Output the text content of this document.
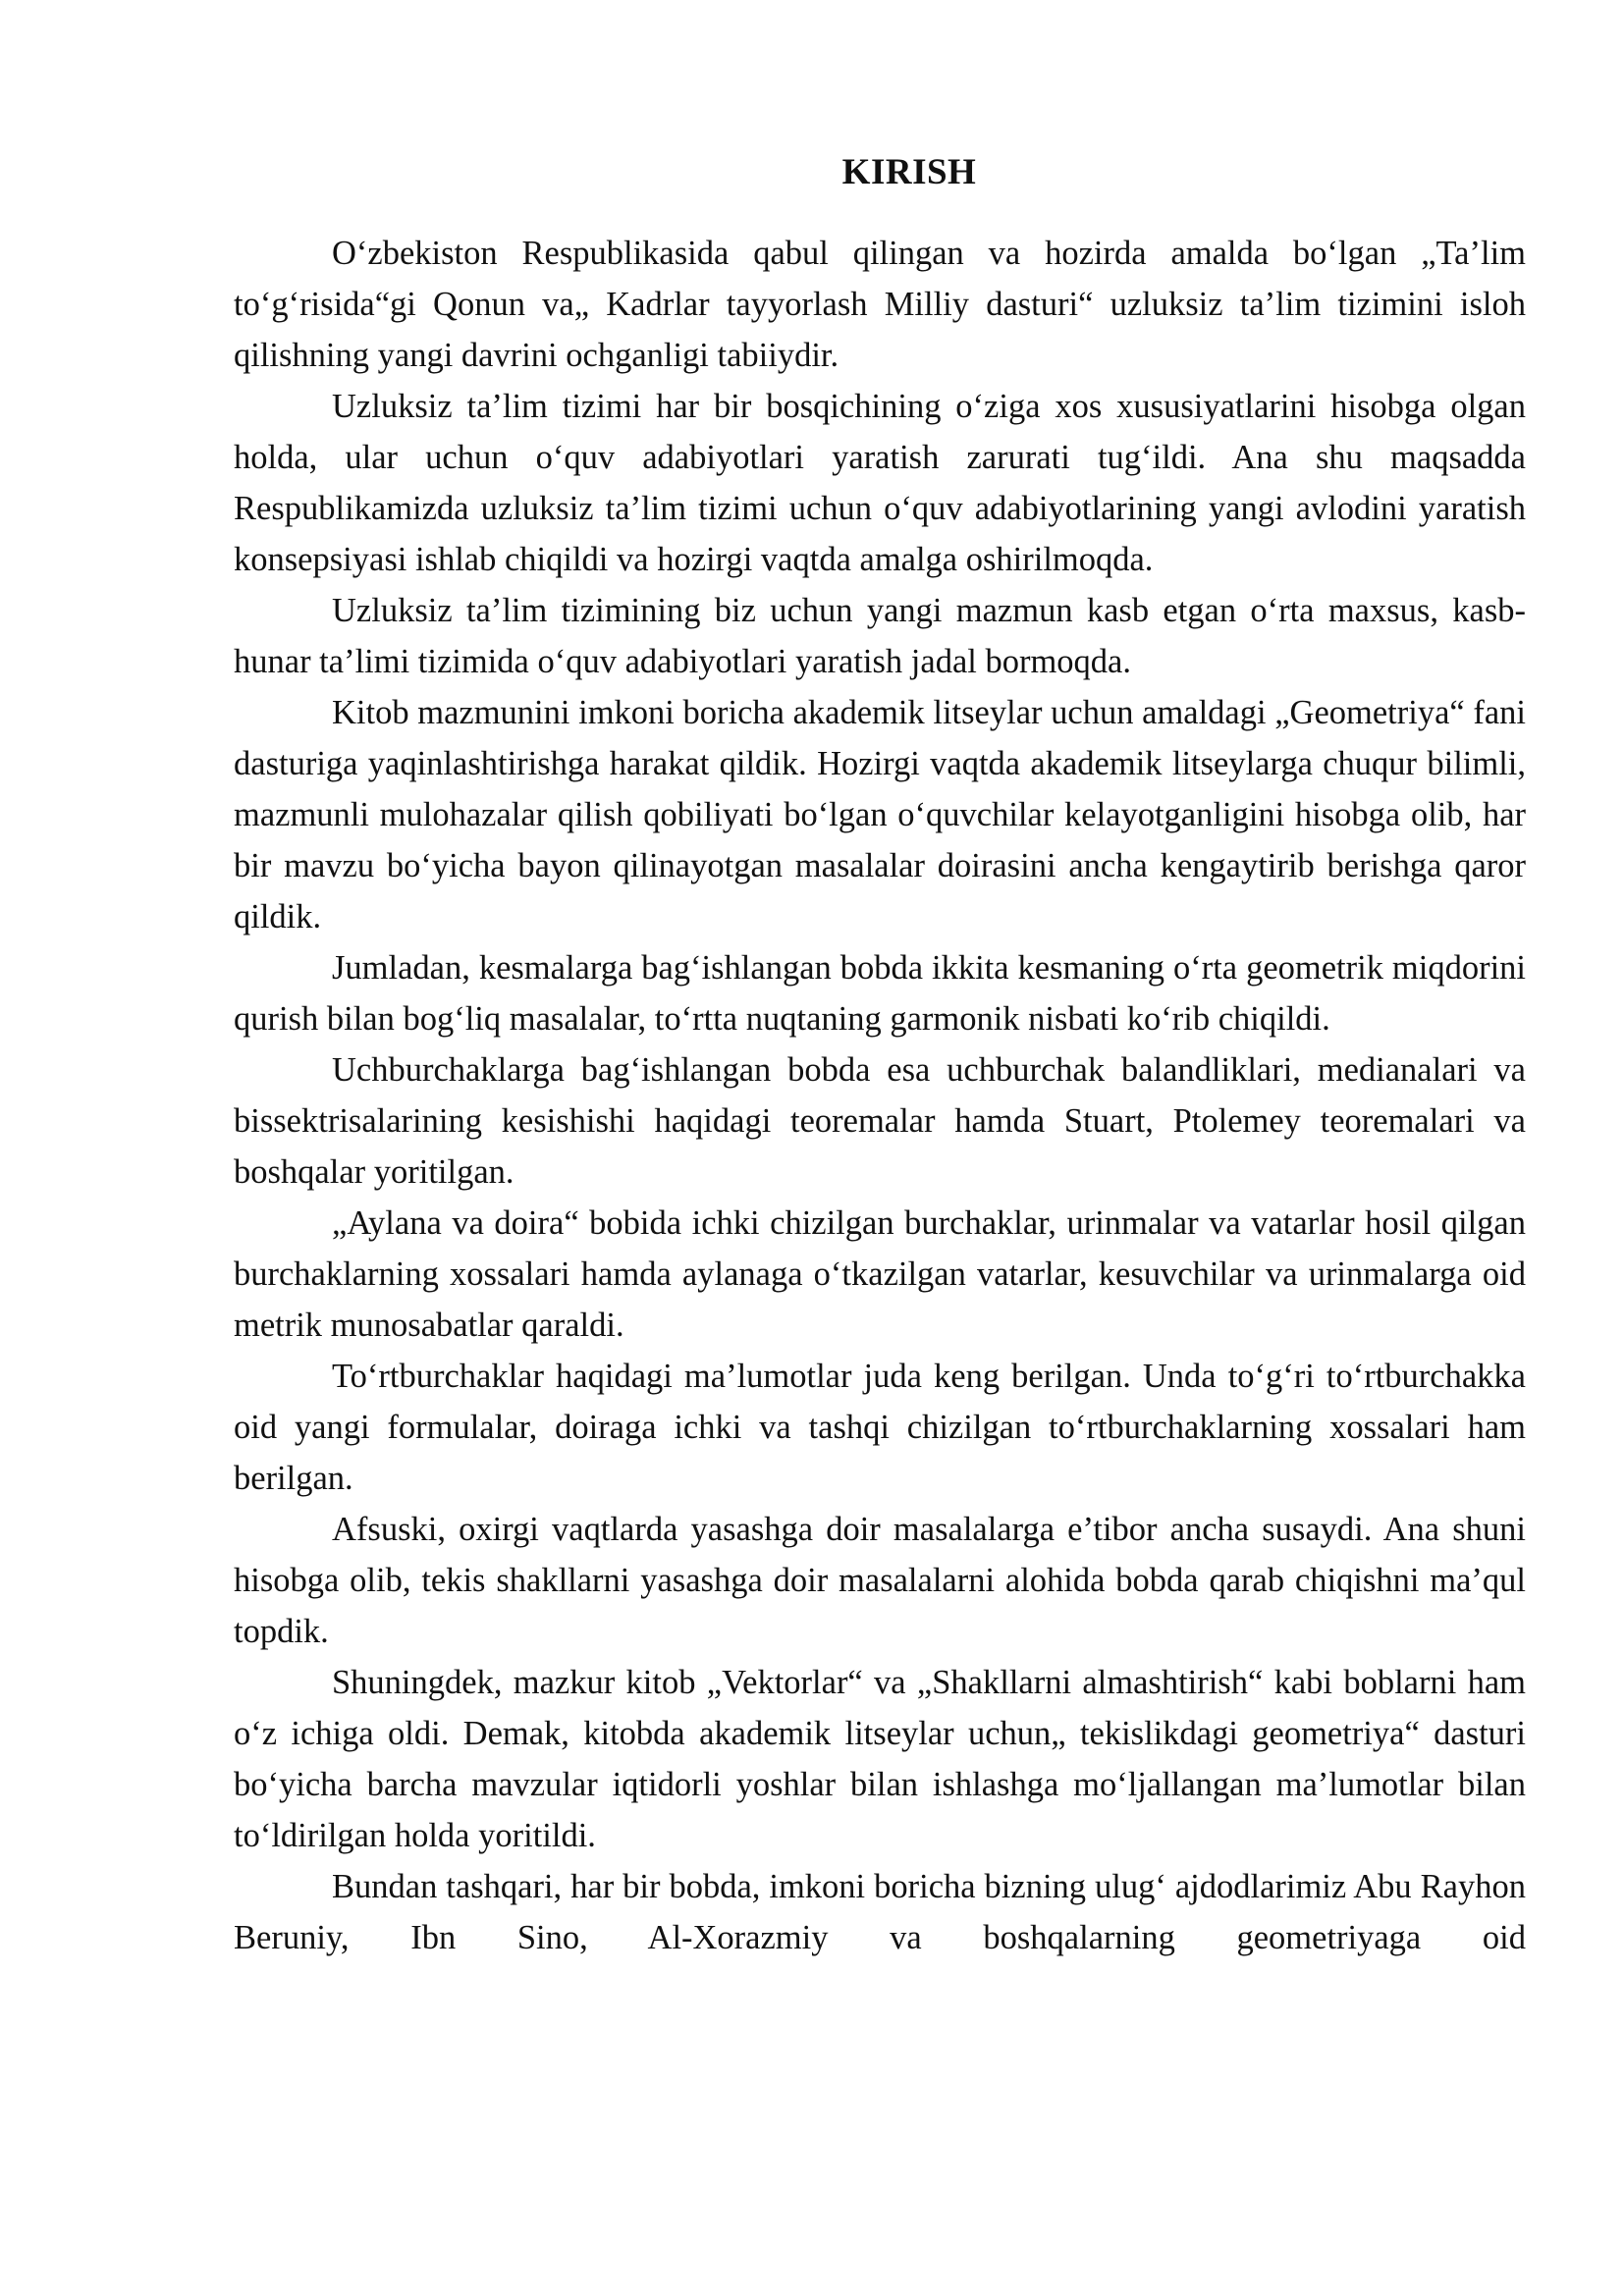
KIRISH

O‘zbekiston Respublikasida qabul qilingan va hozirda amalda bo‘lgan „Ta’lim to‘g‘risida“gi Qonun va„ Kadrlar tayyorlash Milliy dasturi“ uzluksiz ta’lim tizimini isloh qilishning yangi davrini ochganligi tabiiydir.

Uzluksiz ta’lim tizimi har bir bosqichining o‘ziga xos xususiyatlarini hisobga olgan holda, ular uchun o‘quv adabiyotlari yaratish zarurati tug‘ildi. Ana shu maqsadda Respublikamizda uzluksiz ta’lim tizimi uchun o‘quv adabiyotlarining yangi avlodini yaratish konsepsiyasi ishlab chiqildi va hozirgi vaqtda amalga oshirilmoqda.

Uzluksiz ta’lim tizimining biz uchun yangi mazmun kasb etgan o‘rta maxsus, kasb-hunar ta’limi tizimida o‘quv adabiyotlari yaratish jadal bormoqda.

Kitob mazmunini imkoni boricha akademik litseylar uchun amaldagi „Geometriya“ fani dasturiga yaqinlashtirishga harakat qildik. Hozirgi vaqtda akademik litseylarga chuqur bilimli, mazmunli mulohazalar qilish qobiliyati bo‘lgan o‘quvchilar kelayotganligini hisobga olib, har bir mavzu bo‘yicha bayon qilinayotgan masalalar doirasini ancha kengaytirib berishga qaror qildik.

Jumladan, kesmalarga bag‘ishlangan bobda ikkita kesmaning o‘rta geometrik miqdorini qurish bilan bog‘liq masalalar, to‘rtta nuqtaning garmonik nisbati ko‘rib chiqildi.

Uchburchaklarga bag‘ishlangan bobda esa uchburchak balandliklari, medianalari va bissektrisalarining kesishishi haqidagi teoremalar hamda Stuart, Ptolemey teoremalari va boshqalar yoritilgan.

„Aylana va doira“ bobida ichki chizilgan burchaklar, urinmalar va vatarlar hosil qilgan burchaklarning xossalari hamda aylanaga o‘tkazilgan vatarlar, kesuvchilar va urinmalarga oid metrik munosabatlar qaraldi.

To‘rtburchaklar haqidagi ma’lumotlar juda keng berilgan. Unda to‘g‘ri to‘rtburchakka oid yangi formulalar, doiraga ichki va tashqi chizilgan to‘rtburchaklarning xossalari ham berilgan.

Afsuski, oxirgi vaqtlarda yasashga doir masalalarga e’tibor ancha susaydi. Ana shuni hisobga olib, tekis shakllarni yasashga doir masalalarni alohida bobda qarab chiqishni ma’qul topdik.

Shuningdek, mazkur kitob „Vektorlar“ va „Shakllarni almashtirish“ kabi boblarni ham o‘z ichiga oldi. Demak, kitobda akademik litseylar uchun„ tekislikdagi geometriya“ dasturi bo‘yicha barcha mavzular iqtidorli yoshlar bilan ishlashga mo‘ljallangan ma’lumotlar bilan to‘ldirilgan holda yoritildi.

Bundan tashqari, har bir bobda, imkoni boricha bizning ulug‘ ajdodlarimiz Abu Rayhon Beruniy, Ibn Sino, Al-Xorazmiy va boshqalarning geometriyaga oid
